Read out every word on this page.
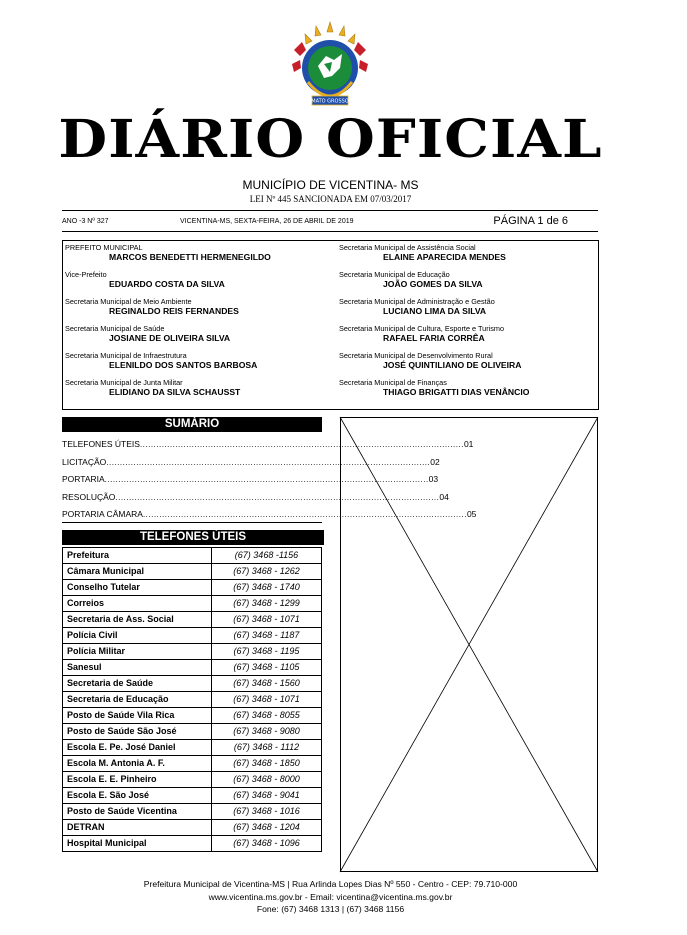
MATO GROSSO
DIÁRIO OFICIAL
MUNICÍPIO DE VICENTINA- MS
LEI Nº 445 SANCIONADA EM 07/03/2017
ANO -3 Nº 327	VICENTINA-MS, SEXTA-FEIRA, 26 DE ABRIL DE 2019	PÁGINA 1 de 6
PREFEITO MUNICIPAL
MARCOS BENEDETTI HERMENEGILDO
Vice-Prefeito
EDUARDO COSTA DA SILVA
Secretaria Municipal de Meio Ambiente
REGINALDO REIS FERNANDES
Secretaria Municipal de Saúde
JOSIANE DE OLIVEIRA SILVA
Secretaria Municipal de Infraestrutura
ELENILDO DOS SANTOS BARBOSA
Secretaria Municipal de Junta Militar
ELIDIANO DA SILVA SCHAUSST
Secretaria Municipal de Assistência Social
ELAINE APARECIDA MENDES
Secretaria Municipal de Educação
JOÃO GOMES DA SILVA
Secretaria Municipal de Administração e Gestão
LUCIANO LIMA DA SILVA
Secretaria Municipal de Cultura, Esporte e Turismo
RAFAEL FARIA CORRÊA
Secretaria Municipal de Desenvolvimento Rural
JOSÉ QUINTILIANO DE OLIVEIRA
Secretaria Municipal de Finanças
THIAGO BRIGATTI DIAS VENÂNCIO
SUMÁRIO
TELEFONES ÚTEIS ....................................................................................................................... 01
LICITAÇÃO ....................................................................................................................... 02
PORTARIA ....................................................................................................................... 03
RESOLUÇÃO ....................................................................................................................... 04
PORTARIA CÂMARA ....................................................................................................................... 05
TELEFONES ÚTEIS
Prefeitura	(67) 3468 -1156
Câmara Municipal	(67) 3468 - 1262
Conselho Tutelar	(67) 3468 - 1740
Correios	(67) 3468 - 1299
Secretaria de Ass. Social	(67) 3468 - 1071
Polícia Civil	(67) 3468 - 1187
Polícia Militar	(67) 3468 - 1195
Sanesul	(67) 3468 - 1105
Secretaria de Saúde	(67) 3468 - 1560
Secretaria de Educação	(67) 3468 - 1071
Posto de Saúde Vila Rica	(67) 3468 - 8055
Posto de Saúde São José	(67) 3468 - 9080
Escola E. Pe. José Daniel	(67) 3468 - 1112
Escola M. Antonia A. F.	(67) 3468 - 1850
Escola E. E. Pinheiro	(67) 3468 - 8000
Escola E. São José	(67) 3468 - 9041
Posto de Saúde Vicentina	(67) 3468 - 1016
DETRAN	(67) 3468 - 1204
Hospital Municipal	(67) 3468 - 1096
Prefeitura Municipal de Vicentina-MS | Rua Arlinda Lopes Dias Nº 550 - Centro - CEP: 79.710-000
www.vicentina.ms.gov.br - Email: vicentina@vicentina.ms.gov.br
Fone: (67) 3468 1313 | (67) 3468 1156
